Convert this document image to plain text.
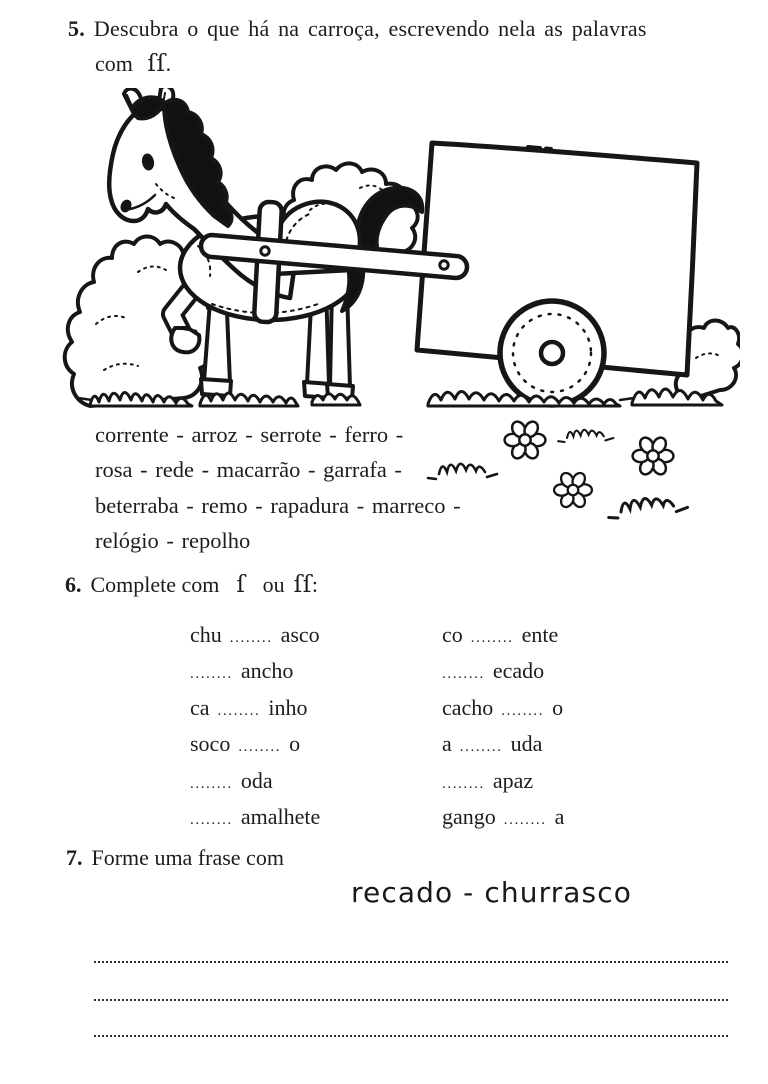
5. Descubra o que há na carroça, escrevendo nela as palavras
com ſſ.
corrente - arroz - serrote - ferro -
rosa - rede - macarrão - garrafa -
beterraba - remo - rapadura - marreco -
relógio - repolho
6. Complete com ſ ou ſſ:
chu ........ asco
........ ancho
ca ........ inho
soco ........ o
........ oda
........ amalhete
co ........ ente
........ ecado
cacho ........ o
a ........ uda
........ apaz
gango ........ a
7. Forme uma frase com
recado - churrasco
